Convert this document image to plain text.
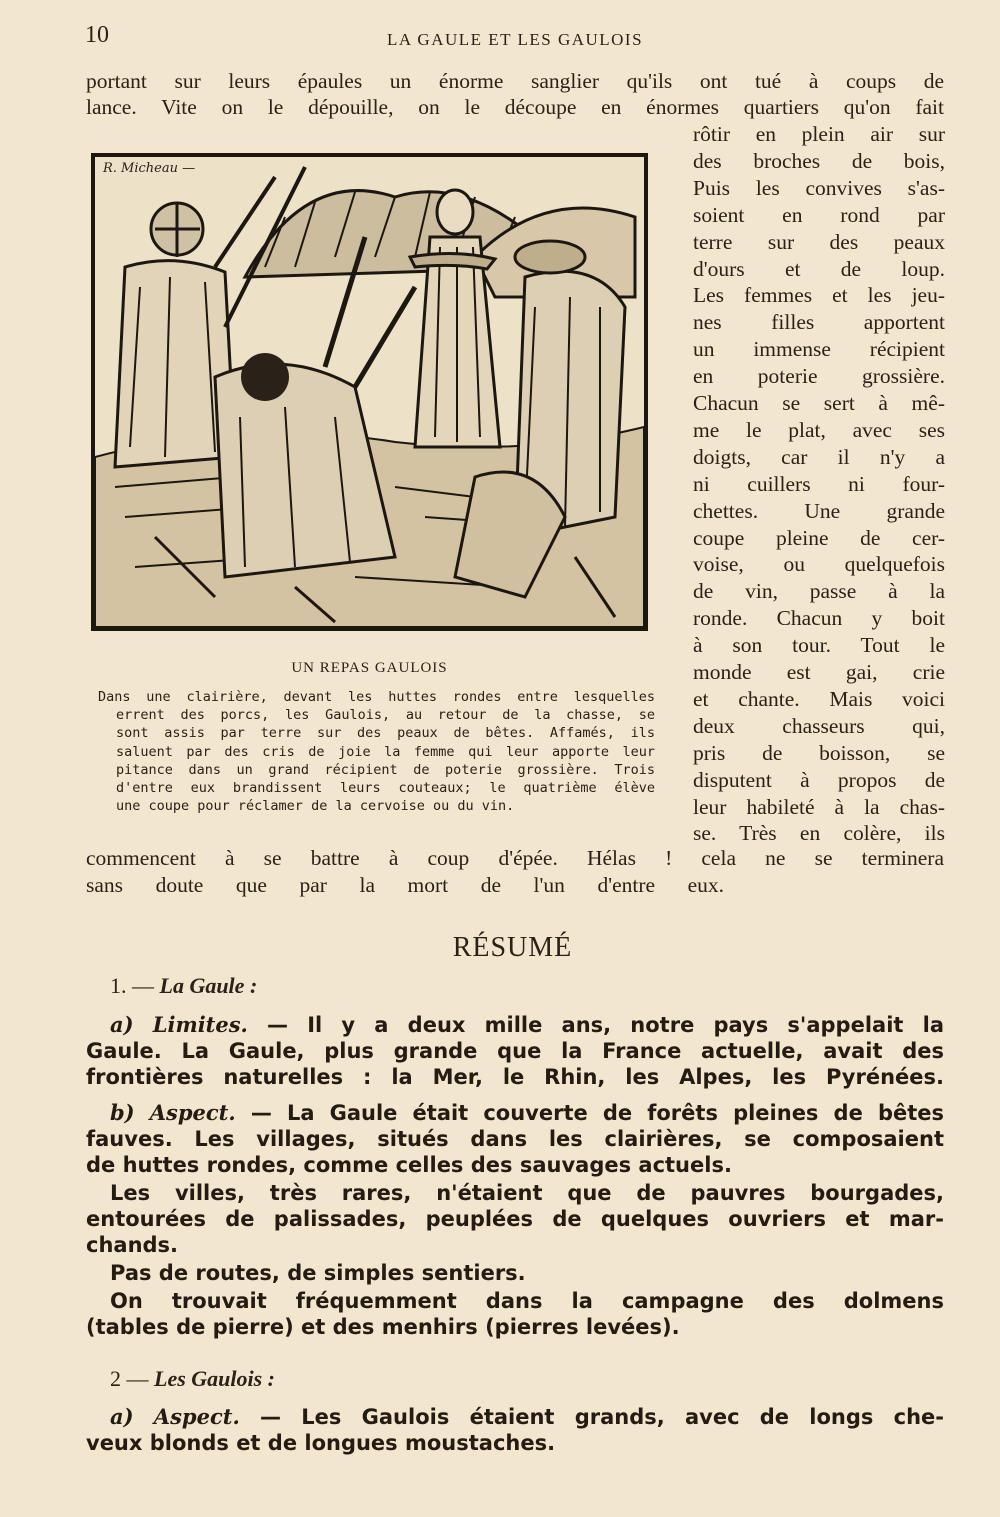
10	LA GAULE ET LES GAULOIS
portant sur leurs épaules un énorme sanglier qu'ils ont tué à coups de
lance. Vite on le dépouille, on le découpe en énormes quartiers qu'on fait
rôtir en plein air sur
des broches de bois,
Puis les convives s'as-
soient en rond par
terre sur des peaux
d'ours et de loup.
Les femmes et les jeu-
nes filles apportent
un immense récipient
en poterie grossière.
Chacun se sert à mê-
me le plat, avec ses
doigts, car il n'y a
ni cuillers ni four-
chettes. Une grande
coupe pleine de cer-
voise, ou quelquefois
de vin, passe à la
ronde. Chacun y boit
à son tour. Tout le
monde est gai, crie
et chante. Mais voici
deux chasseurs qui,
pris de boisson, se
disputent à propos de
leur habileté à la chas-
se. Très en colère, ils
R. Micheau —
UN REPAS GAULOIS
Dans une clairière, devant les huttes rondes entre lesquelles
errent des porcs, les Gaulois, au retour de la chasse, se
sont assis par terre sur des peaux de bêtes. Affamés, ils
saluent par des cris de joie la femme qui leur apporte leur
pitance dans un grand récipient de poterie grossière. Trois
d'entre eux brandissent leurs couteaux; le quatrième élève
une coupe pour réclamer de la cervoise ou du vin.
commencent à se battre à coup d'épée. Hélas ! cela ne se terminera
sans doute que par la mort de l'un d'entre eux.
RÉSUMÉ
1. — La Gaule :
a) Limites. — Il y a deux mille ans, notre pays s'appelait la
Gaule. La Gaule, plus grande que la France actuelle, avait des
frontières naturelles : la Mer, le Rhin, les Alpes, les Pyrénées.
b) Aspect. — La Gaule était couverte de forêts pleines de bêtes
fauves. Les villages, situés dans les clairières, se composaient
de huttes rondes, comme celles des sauvages actuels.
Les villes, très rares, n'étaient que de pauvres bourgades,
entourées de palissades, peuplées de quelques ouvriers et mar-
chands.
Pas de routes, de simples sentiers.
On trouvait fréquemment dans la campagne des dolmens
(tables de pierre) et des menhirs (pierres levées).
2 — Les Gaulois :
a) Aspect. — Les Gaulois étaient grands, avec de longs che-
veux blonds et de longues moustaches.
